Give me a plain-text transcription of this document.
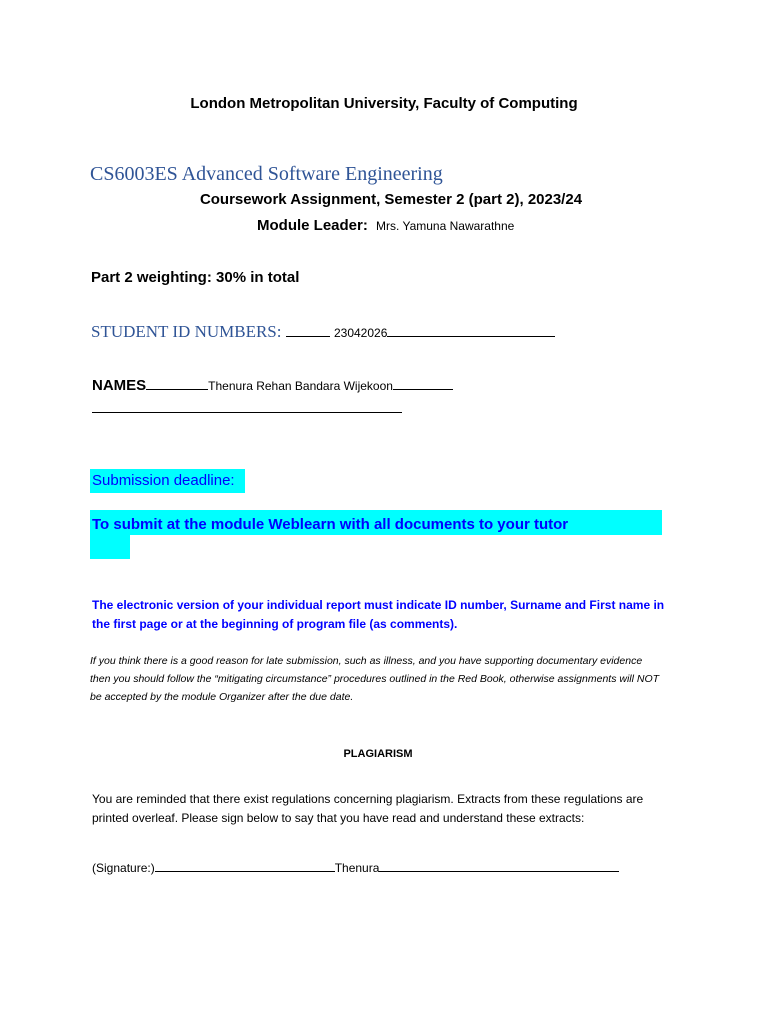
London Metropolitan University, Faculty of Computing
CS6003ES Advanced Software Engineering
Coursework Assignment, Semester 2 (part 2), 2023/24
Module Leader: Mrs. Yamuna Nawarathne
Part 2 weighting: 30% in total
STUDENT ID NUMBERS:	23042026
NAMES	Thenura Rehan Bandara Wijekoon
Submission deadline:
To submit at the module Weblearn with all documents to your tutor
The electronic version of your individual report must indicate ID number, Surname and First name in the first page or at the beginning of program file (as comments).
If you think there is a good reason for late submission, such as illness, and you have supporting documentary evidence then you should follow the “mitigating circumstance” procedures outlined in the Red Book, otherwise assignments will NOT be accepted by the module Organizer after the due date.
PLAGIARISM
You are reminded that there exist regulations concerning plagiarism. Extracts from these regulations are printed overleaf. Please sign below to say that you have read and understand these extracts:
(Signature:)	Thenura
